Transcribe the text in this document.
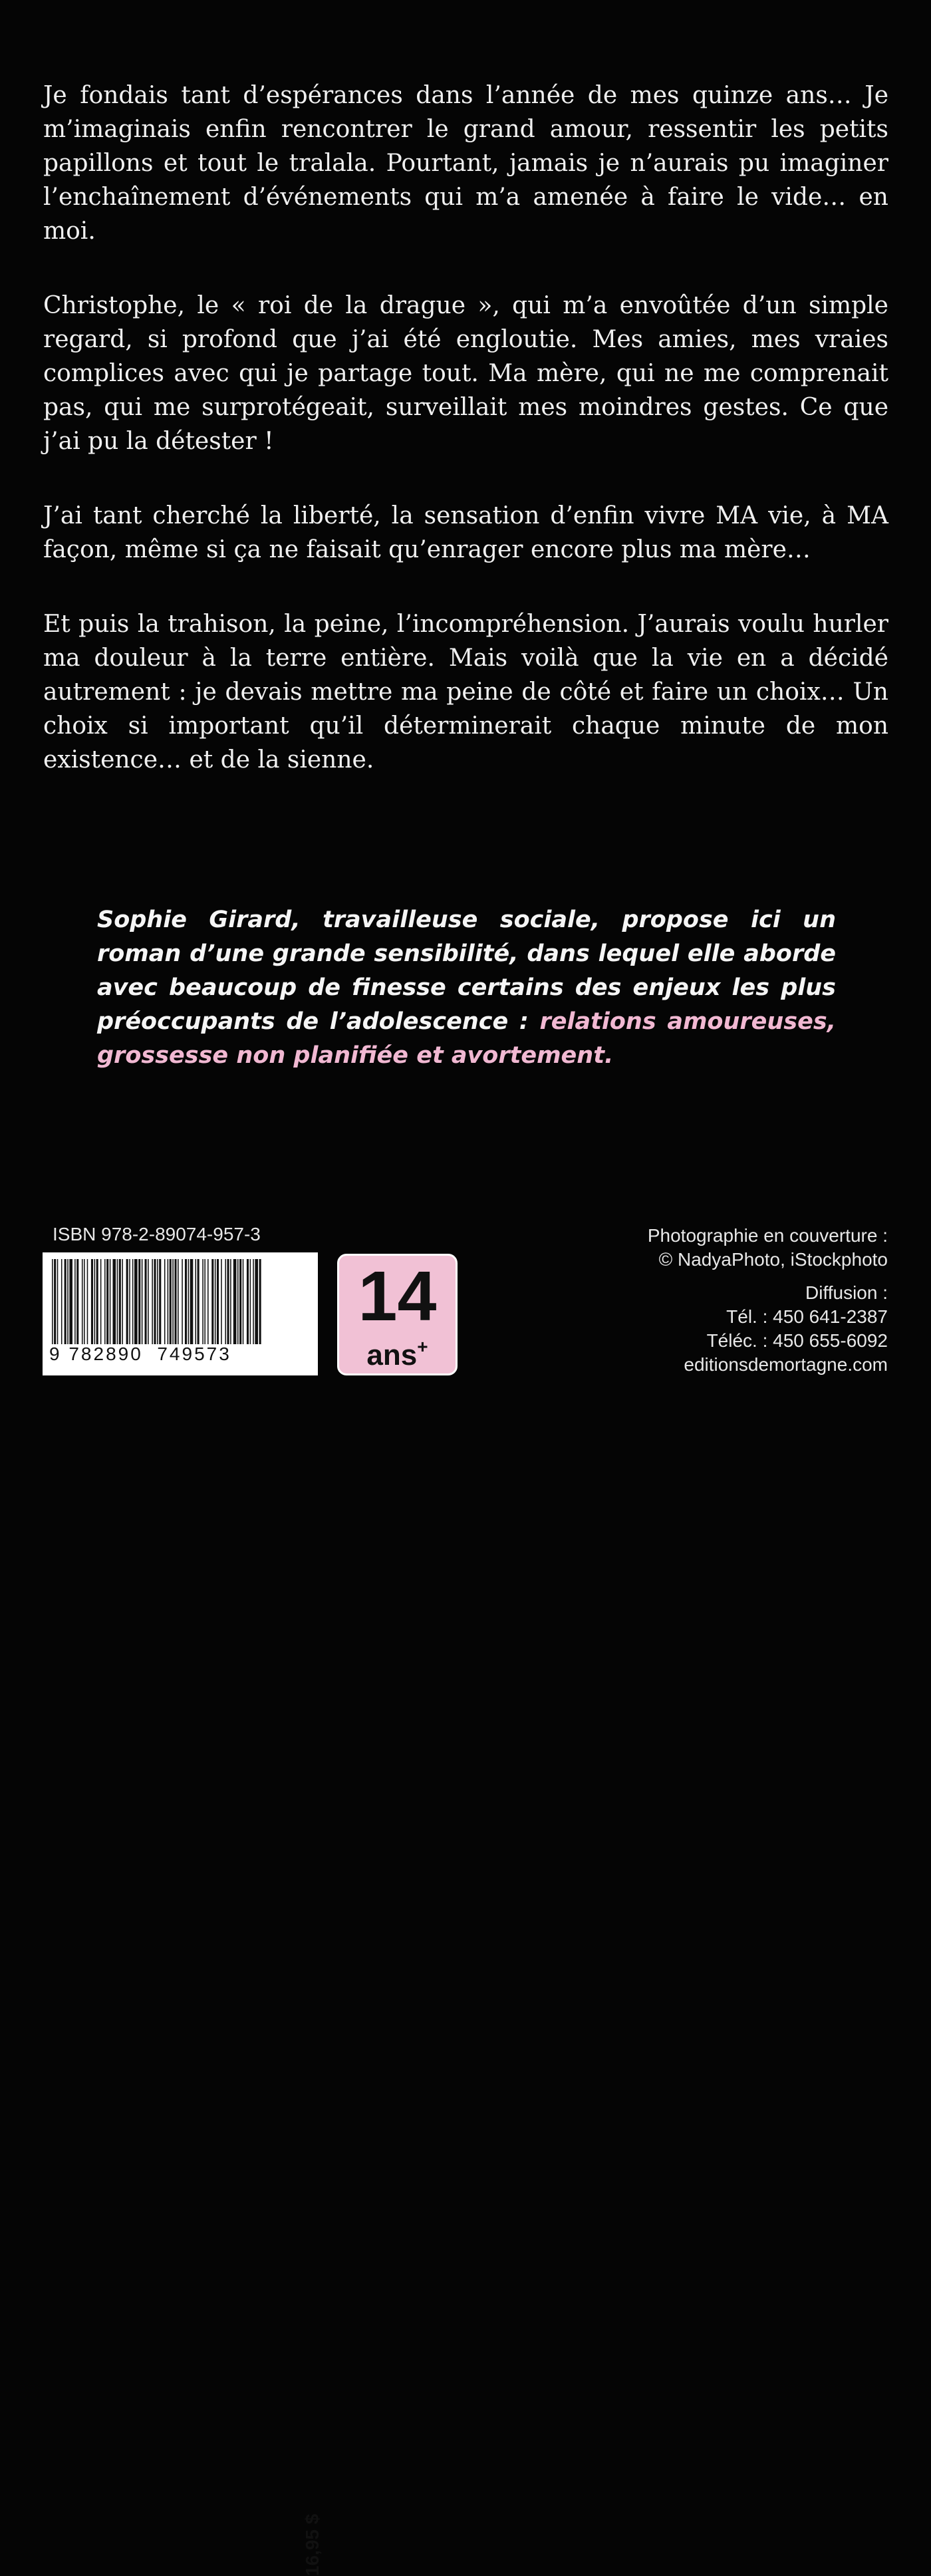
Je fondais tant d’espérances dans l’année de mes quinze ans… Je m’imaginais enfin rencontrer le grand amour, ressentir les petits papillons et tout le tralala. Pourtant, jamais je n’aurais pu imaginer l’enchaînement d’événements qui m’a amenée à faire le vide… en moi.

Christophe, le « roi de la drague », qui m’a envoûtée d’un simple regard, si profond que j’ai été engloutie. Mes amies, mes vraies complices avec qui je partage tout. Ma mère, qui ne me comprenait pas, qui me surprotégeait, surveillait mes moindres gestes. Ce que j’ai pu la détester !

J’ai tant cherché la liberté, la sensation d’enfin vivre MA vie, à MA façon, même si ça ne faisait qu’enrager encore plus ma mère…

Et puis la trahison, la peine, l’incompréhension. J’aurais voulu hurler ma douleur à la terre entière. Mais voilà que la vie en a décidé autrement : je devais mettre ma peine de côté et faire un choix… Un choix si important qu’il déterminerait chaque minute de mon existence… et de la sienne.

Sophie Girard, travailleuse sociale, propose ici un roman d’une grande sensibilité, dans lequel elle aborde avec beaucoup de finesse certains des enjeux les plus préoccupants de l’adolescence : relations amoureuses, grossesse non planifiée et avortement.
ISBN 978-2-89074-957-3
9 782890 749573
16,95 $
14
ans+
Photographie en couverture :
© NadyaPhoto, iStockphoto
Diffusion :
Tél. : 450 641-2387
Téléc. : 450 655-6092
editionsdemortagne.com
